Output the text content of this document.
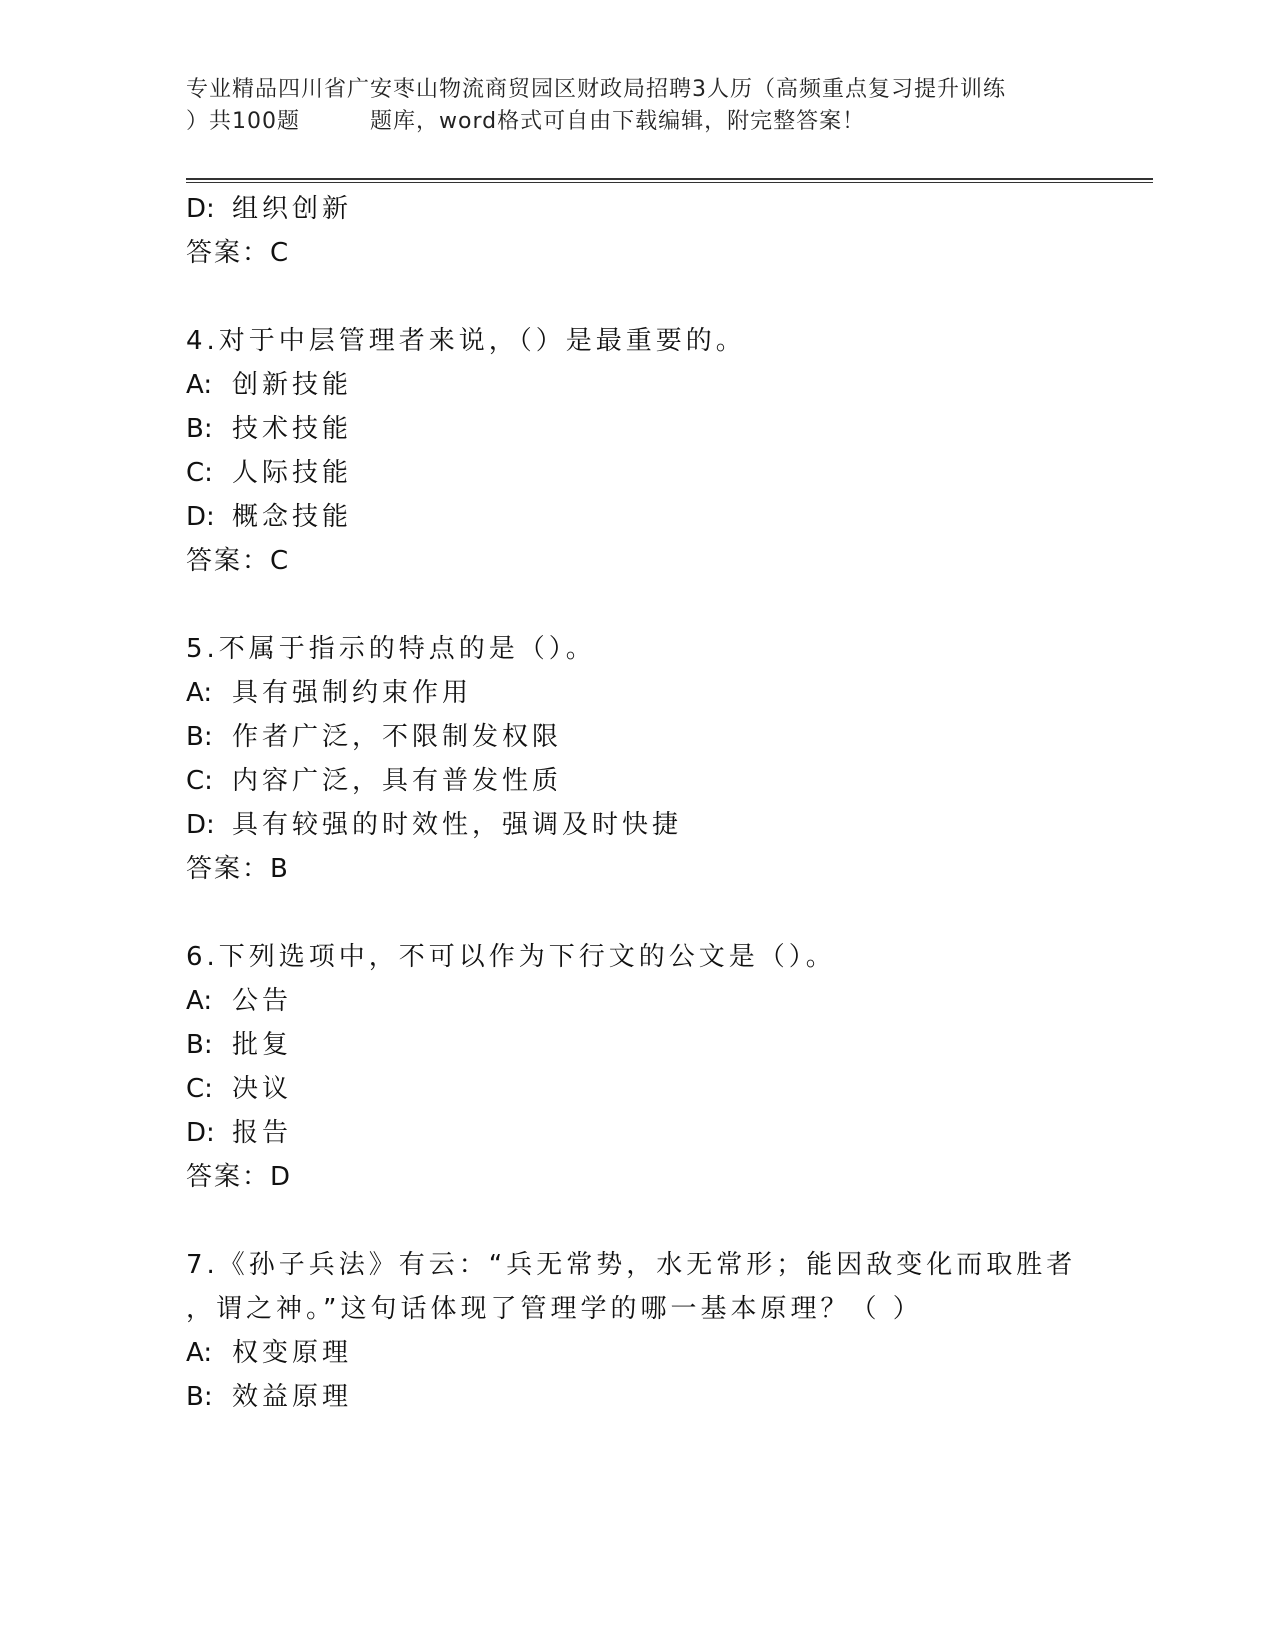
专业精品四川省广安枣山物流商贸园区财政局招聘3人历（高频重点复习提升训练
）共100题	题库，word格式可自由下载编辑，附完整答案！
D: 组织创新
答案：C
4.对于中层管理者来说，（）是最重要的。
A: 创新技能
B: 技术技能
C: 人际技能
D: 概念技能
答案：C
5.不属于指示的特点的是（）。
A: 具有强制约束作用
B: 作者广泛，不限制发权限
C: 内容广泛，具有普发性质
D: 具有较强的时效性，强调及时快捷
答案：B
6.下列选项中，不可以作为下行文的公文是（）。
A: 公告
B: 批复
C: 决议
D: 报告
答案：D
7.《孙子兵法》有云：“兵无常势，水无常形；能因敌变化而取胜者
，谓之神。”这句话体现了管理学的哪一基本原理？（ ）
A: 权变原理
B: 效益原理
